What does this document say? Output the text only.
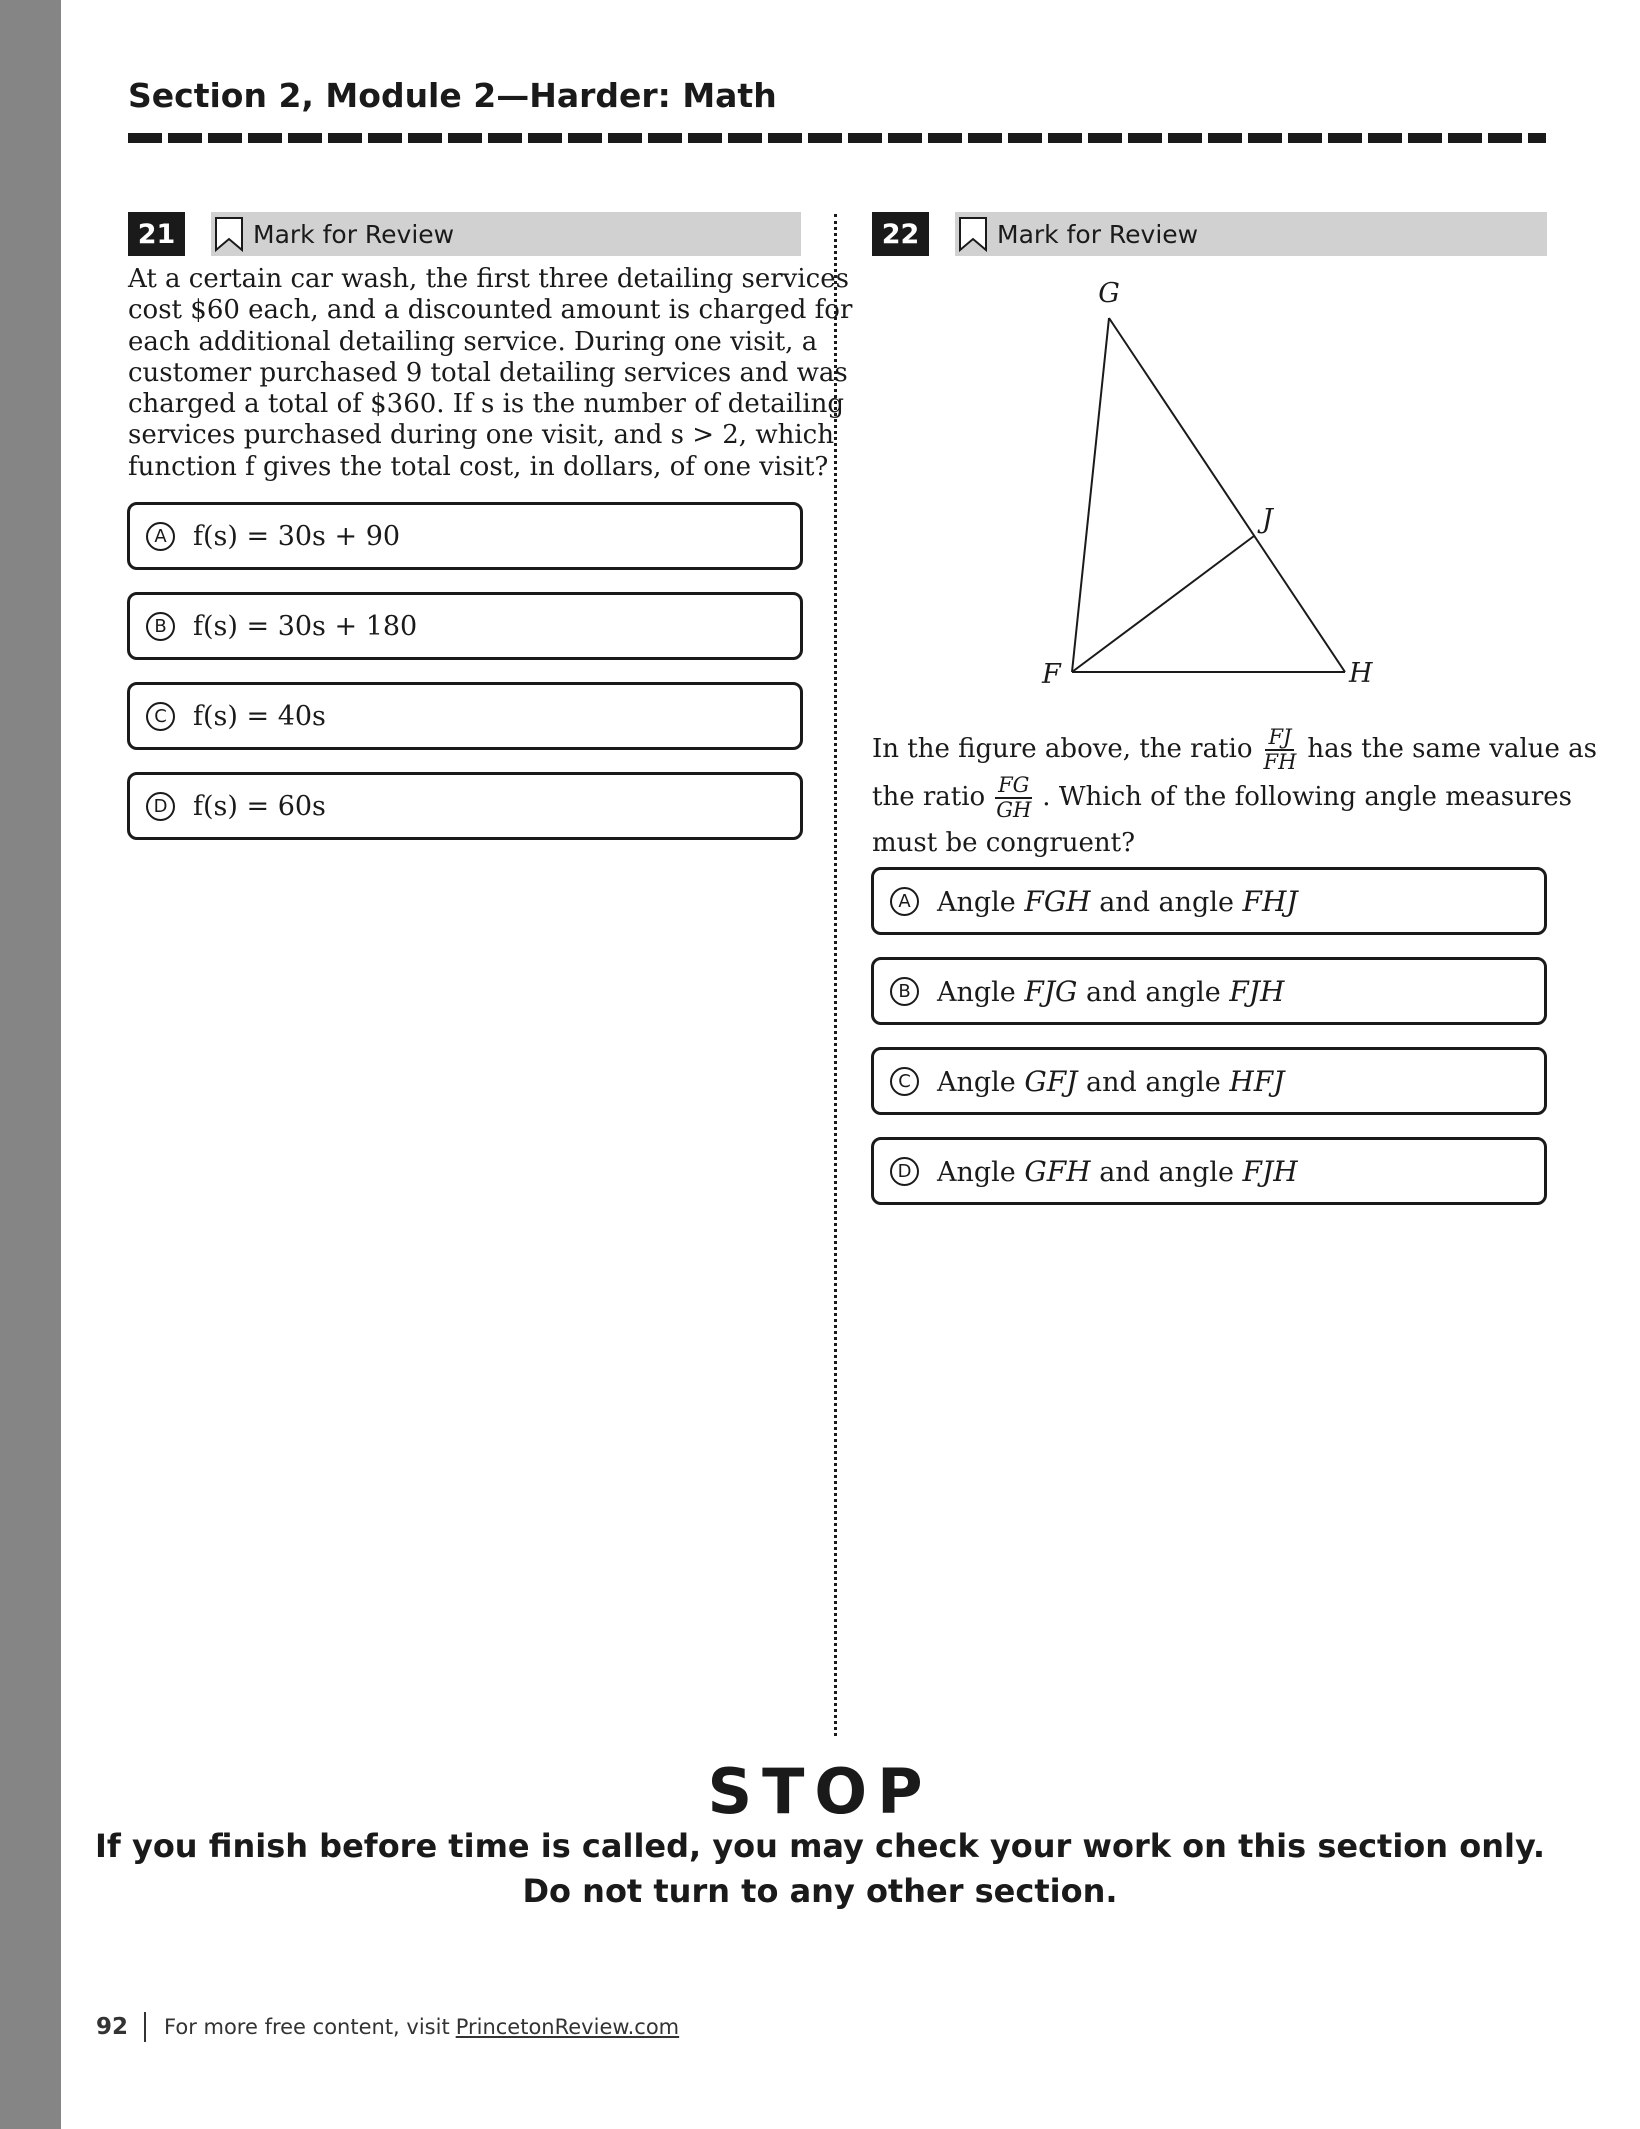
Section 2, Module 2—Harder: Math
21	Mark for Review

At a certain car wash, the first three detailing services

cost $60 each, and a discounted amount is charged for

each additional detailing service. During one visit, a

customer purchased 9 total detailing services and was

charged a total of $360. If s is the number of detailing

services purchased during one visit, and s > 2, which

function f gives the total cost, in dollars, of one visit?

A f(s) = 30s + 90
B f(s) = 30s + 180
C f(s) = 40s
D f(s) = 60s
22	Mark for Review
G
J
F	H

In the figure above, the ratio $\frac{FJ}{FH}$ has the same value as

the ratio $\frac{FG}{GH}$ . Which of the following angle measures

must be congruent?

A Angle FGH and angle FHJ
B Angle FJG and angle FJH
C Angle GFJ and angle HFJ
D Angle GFH and angle FJH
STOP
If you finish before time is called, you may check your work on this section only.
Do not turn to any other section.
92 For more free content, visit PrincetonReview.com
